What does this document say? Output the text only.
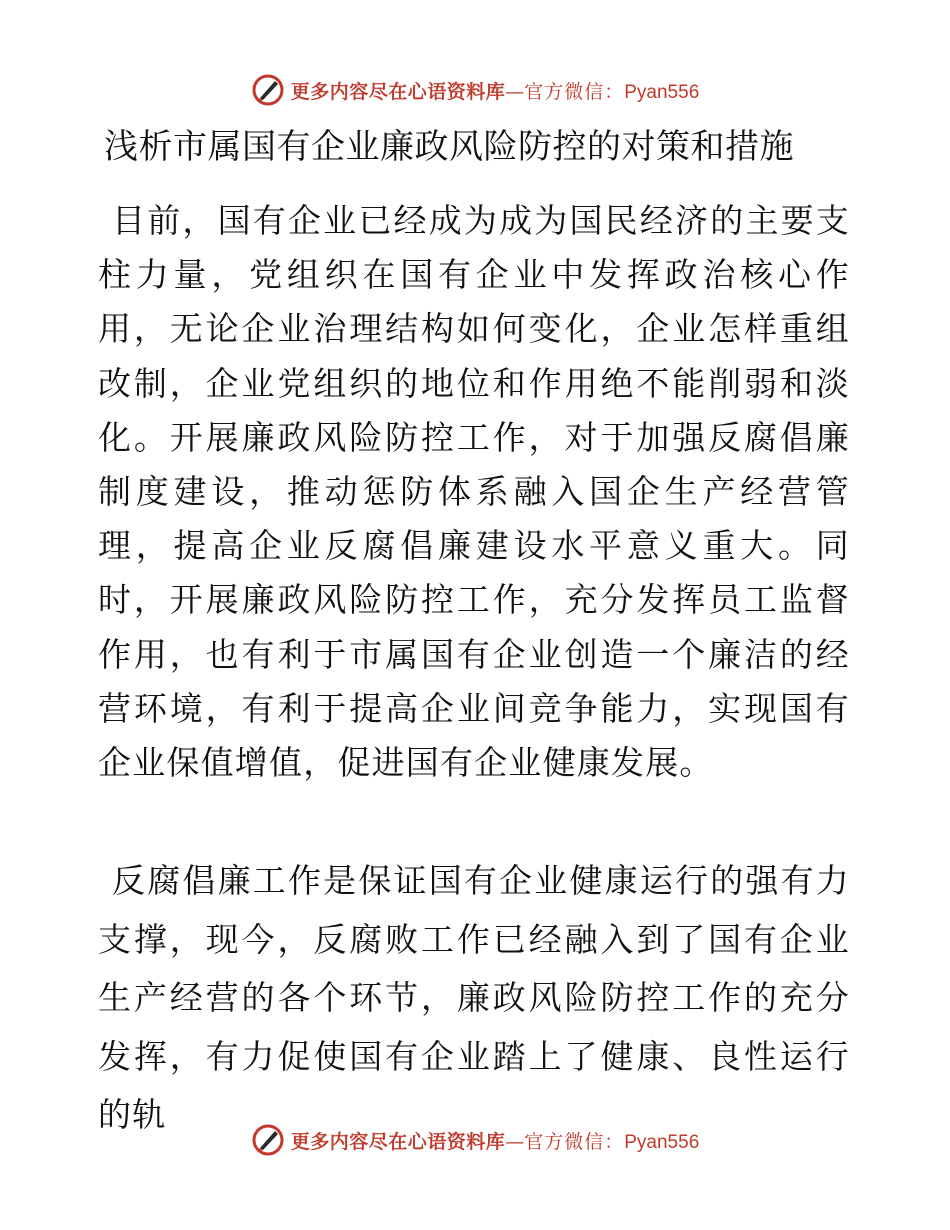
更多内容尽在心语资料库 — 官方微信： Pyan556
浅析市属国有企业廉政风险防控的对策和措施

目前，国有企业已经成为成为国民经济的主要支柱力量，党组织在国有企业中发挥政治核心作用，无论企业治理结构如何变化，企业怎样重组改制，企业党组织的地位和作用绝不能削弱和淡化。开展廉政风险防控工作，对于加强反腐倡廉制度建设，推动惩防体系融入国企生产经营管理，提高企业反腐倡廉建设水平意义重大。同时，开展廉政风险防控工作，充分发挥员工监督作用，也有利于市属国有企业创造一个廉洁的经营环境，有利于提高企业间竞争能力，实现国有企业保值增值，促进国有企业健康发展。

反腐倡廉工作是保证国有企业健康运行的强有力支撑，现今，反腐败工作已经融入到了国有企业生产经营的各个环节，廉政风险防控工作的充分发挥，有力促使国有企业踏上了健康、良性运行的轨

更多内容尽在心语资料库 — 官方微信： Pyan556
